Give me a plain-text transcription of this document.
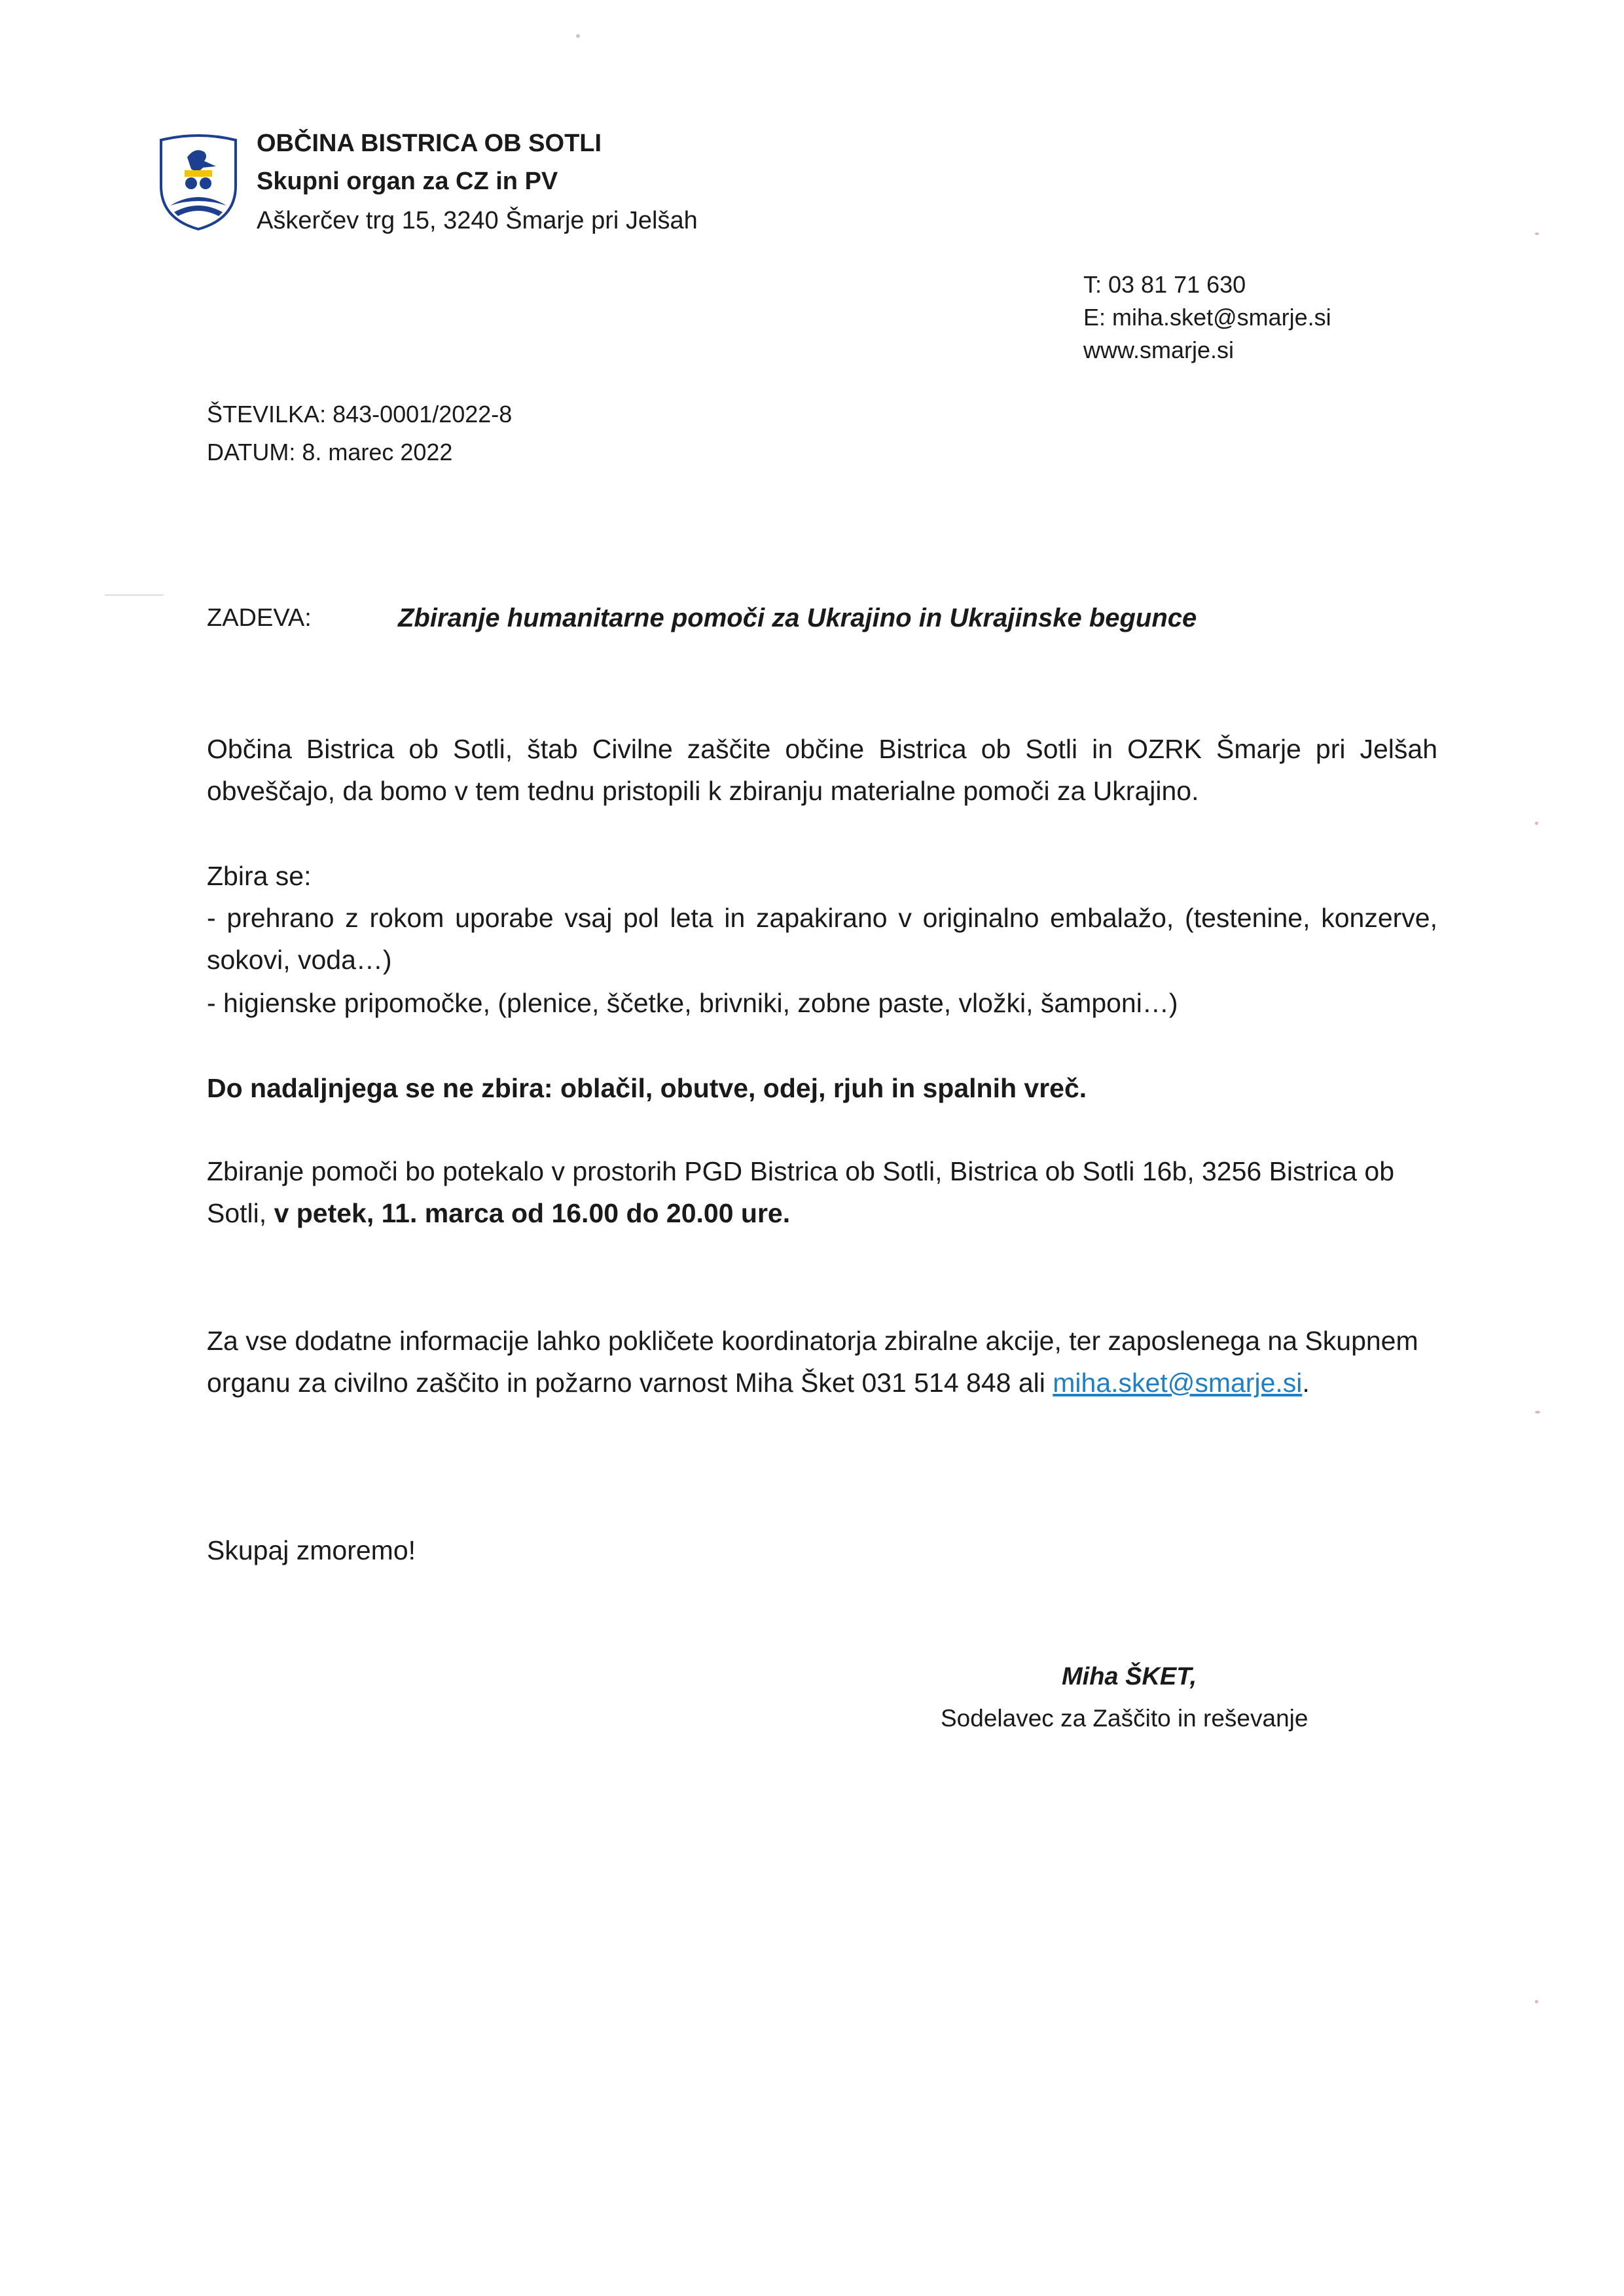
OBČINA BISTRICA OB SOTLI
Skupni organ za CZ in PV
Aškerčev trg 15, 3240 Šmarje pri Jelšah
T: 03 81 71 630
E: miha.sket@smarje.si
www.smarje.si
ŠTEVILKA: 843-0001/2022-8
DATUM: 8. marec 2022
ZADEVA:	Zbiranje humanitarne pomoči za Ukrajino in Ukrajinske begunce
Občina Bistrica ob Sotli, štab Civilne zaščite občine Bistrica ob Sotli in OZRK Šmarje pri Jelšah obveščajo, da bomo v tem tednu pristopili k zbiranju materialne pomoči za Ukrajino.
Zbira se:
- prehrano z rokom uporabe vsaj pol leta in zapakirano v originalno embalažo, (testenine, konzerve, sokovi, voda…)
- higienske pripomočke, (plenice, ščetke, brivniki, zobne paste, vložki, šamponi…)
Do nadaljnjega se ne zbira: oblačil, obutve, odej, rjuh in spalnih vreč.
Zbiranje pomoči bo potekalo v prostorih PGD Bistrica ob Sotli, Bistrica ob Sotli 16b, 3256 Bistrica ob Sotli, v petek, 11. marca od 16.00 do 20.00 ure.
Za vse dodatne informacije lahko pokličete koordinatorja zbiralne akcije, ter zaposlenega na Skupnem organu za civilno zaščito in požarno varnost Miha Šket 031 514 848 ali miha.sket@smarje.si.
Skupaj zmoremo!
Miha ŠKET,
Sodelavec za Zaščito in reševanje
